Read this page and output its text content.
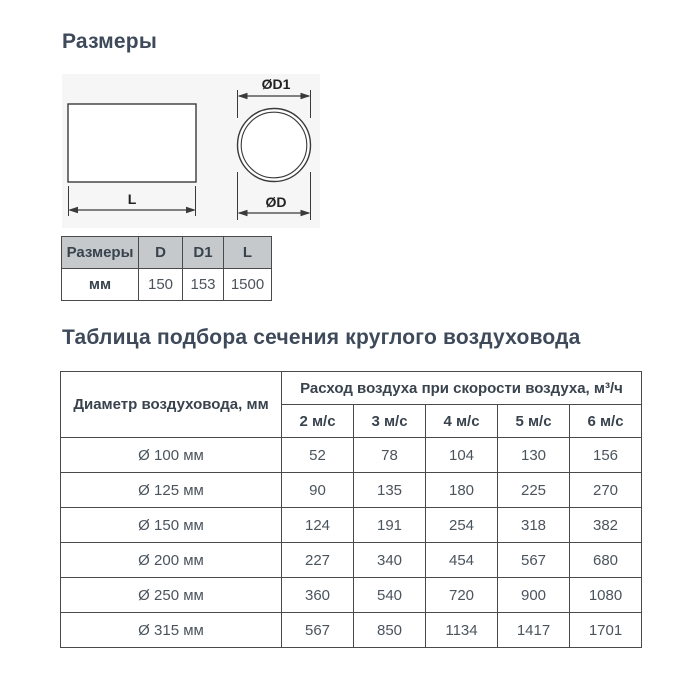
Размеры
L
ØD1
ØD
Размеры	D	D1	L
мм	150	153	1500
Таблица подбора сечения круглого воздуховода
Диаметр воздуховода, мм	Расход воздуха при скорости воздуха, м³/ч				
	2 м/с	3 м/с	4 м/с	5 м/с	6 м/с
Ø 100 мм	52	78	104	130	156
Ø 125 мм	90	135	180	225	270
Ø 150 мм	124	191	254	318	382
Ø 200 мм	227	340	454	567	680
Ø 250 мм	360	540	720	900	1080
Ø 315 мм	567	850	1134	1417	1701
